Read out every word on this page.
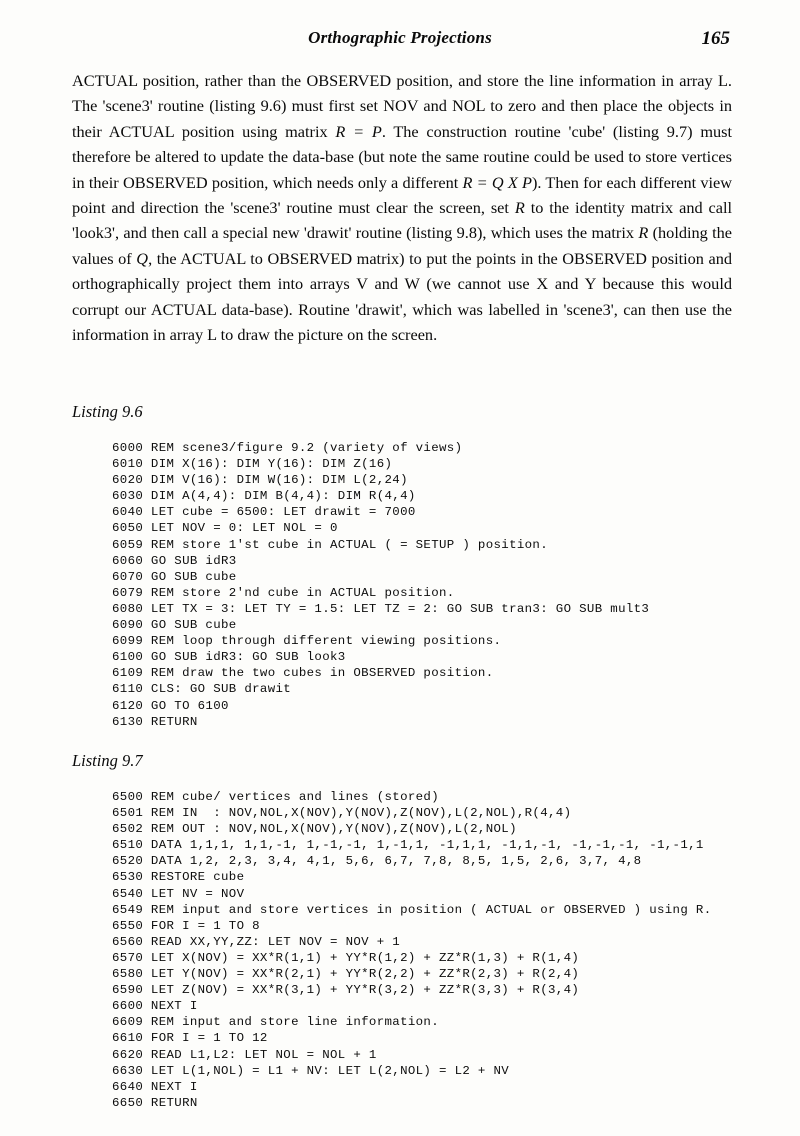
Orthographic Projections	165

ACTUAL position, rather than the OBSERVED position, and store the line information in array L. The 'scene3' routine (listing 9.6) must first set NOV and NOL to zero and then place the objects in their ACTUAL position using matrix R = P. The construction routine 'cube' (listing 9.7) must therefore be altered to update the data-base (but note the same routine could be used to store vertices in their OBSERVED position, which needs only a different R = Q X P). Then for each different view point and direction the 'scene3' routine must clear the screen, set R to the identity matrix and call 'look3', and then call a special new 'drawit' routine (listing 9.8), which uses the matrix R (holding the values of Q, the ACTUAL to OBSERVED matrix) to put the points in the OBSERVED position and orthographically project them into arrays V and W (we cannot use X and Y because this would corrupt our ACTUAL data-base). Routine 'drawit', which was labelled in 'scene3', can then use the information in array L to draw the picture on the screen.

Listing 9.6
6000 REM scene3/figure 9.2 (variety of views)
6010 DIM X(16): DIM Y(16): DIM Z(16)
6020 DIM V(16): DIM W(16): DIM L(2,24)
6030 DIM A(4,4): DIM B(4,4): DIM R(4,4)
6040 LET cube = 6500: LET drawit = 7000
6050 LET NOV = 0: LET NOL = 0
6059 REM store 1'st cube in ACTUAL ( = SETUP ) position.
6060 GO SUB idR3
6070 GO SUB cube
6079 REM store 2'nd cube in ACTUAL position.
6080 LET TX = 3: LET TY = 1.5: LET TZ = 2: GO SUB tran3: GO SUB mult3
6090 GO SUB cube
6099 REM loop through different viewing positions.
6100 GO SUB idR3: GO SUB look3
6109 REM draw the two cubes in OBSERVED position.
6110 CLS: GO SUB drawit
6120 GO TO 6100
6130 RETURN
Listing 9.7
6500 REM cube/ vertices and lines (stored)
6501 REM IN  : NOV,NOL,X(NOV),Y(NOV),Z(NOV),L(2,NOL),R(4,4)
6502 REM OUT : NOV,NOL,X(NOV),Y(NOV),Z(NOV),L(2,NOL)
6510 DATA 1,1,1, 1,1,-1, 1,-1,-1, 1,-1,1, -1,1,1, -1,1,-1, -1,-1,-1, -1,-1,1
6520 DATA 1,2, 2,3, 3,4, 4,1, 5,6, 6,7, 7,8, 8,5, 1,5, 2,6, 3,7, 4,8
6530 RESTORE cube
6540 LET NV = NOV
6549 REM input and store vertices in position ( ACTUAL or OBSERVED ) using R.
6550 FOR I = 1 TO 8
6560 READ XX,YY,ZZ: LET NOV = NOV + 1
6570 LET X(NOV) = XX*R(1,1) + YY*R(1,2) + ZZ*R(1,3) + R(1,4)
6580 LET Y(NOV) = XX*R(2,1) + YY*R(2,2) + ZZ*R(2,3) + R(2,4)
6590 LET Z(NOV) = XX*R(3,1) + YY*R(3,2) + ZZ*R(3,3) + R(3,4)
6600 NEXT I
6609 REM input and store line information.
6610 FOR I = 1 TO 12
6620 READ L1,L2: LET NOL = NOL + 1
6630 LET L(1,NOL) = L1 + NV: LET L(2,NOL) = L2 + NV
6640 NEXT I
6650 RETURN
